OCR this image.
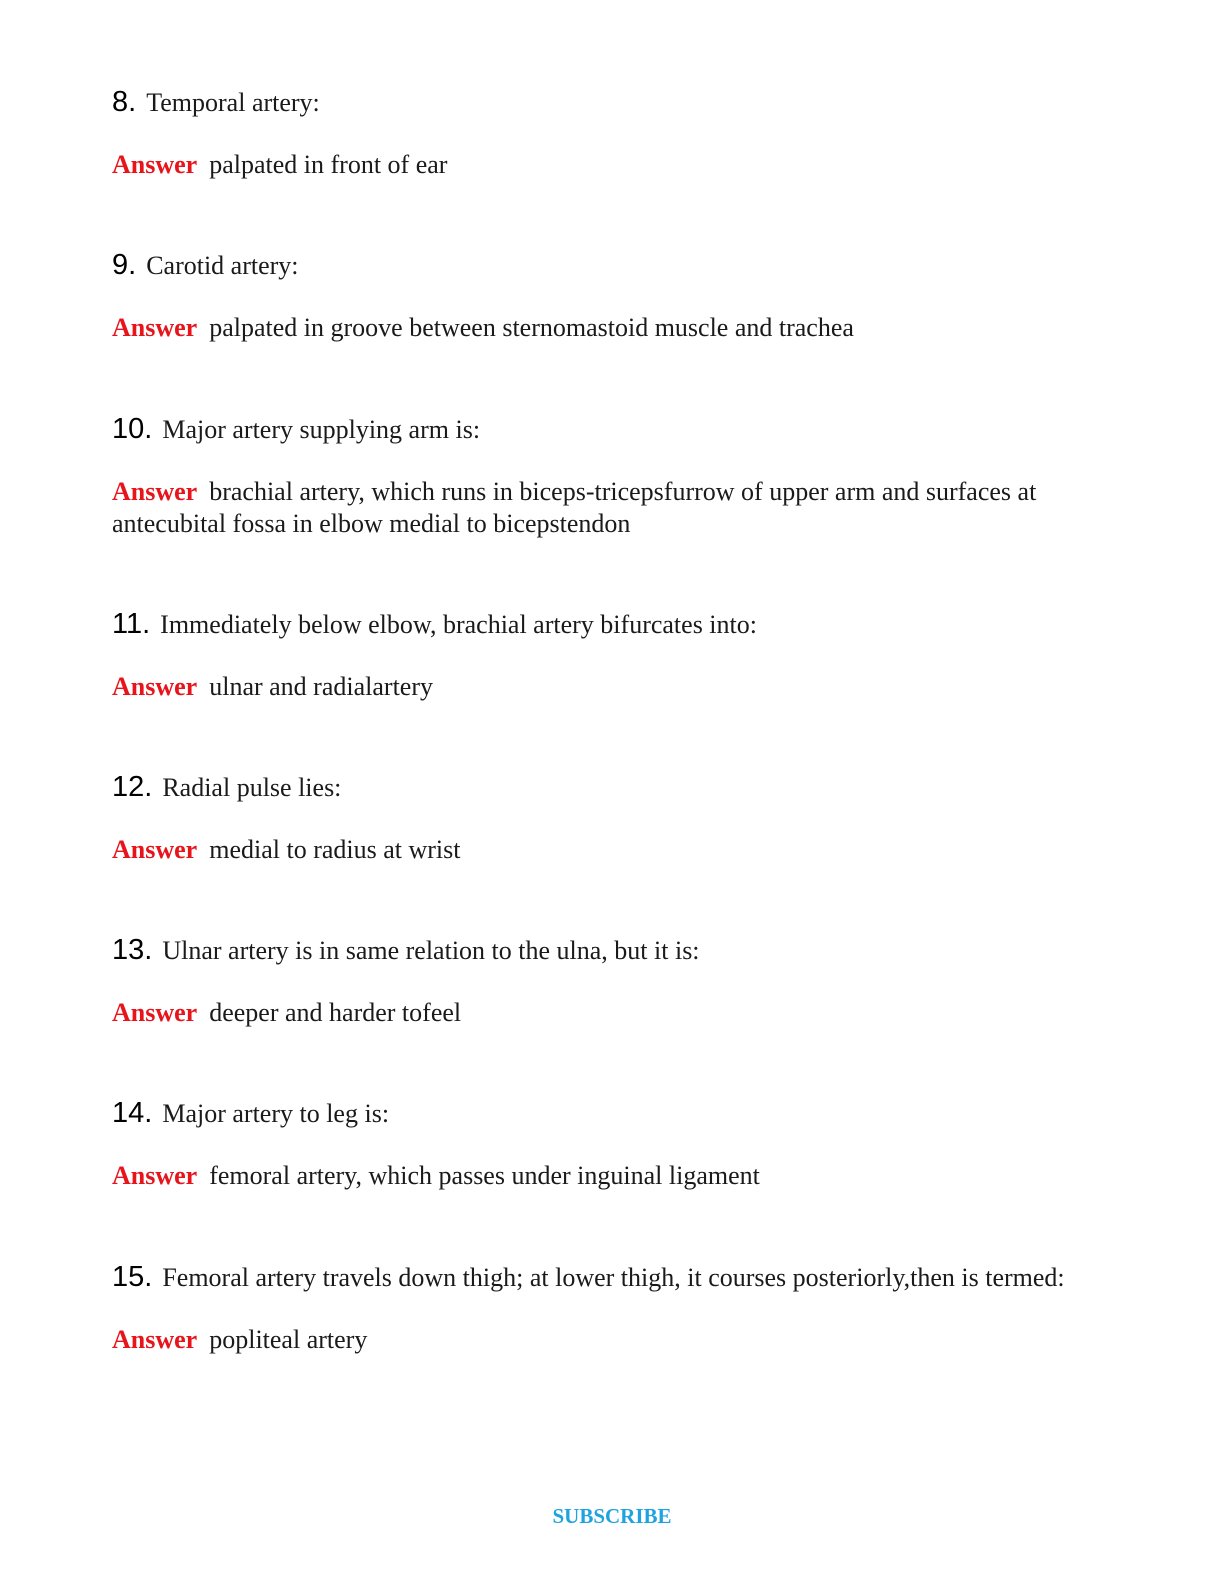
8. Temporal artery:

Answer palpated in front of ear

9. Carotid artery:

Answer palpated in groove between sternomastoid muscle and trachea

10. Major artery supplying arm is:

Answer brachial artery, which runs in biceps-tricepsfurrow of upper arm and surfaces at antecubital fossa in elbow medial to bicepstendon

11. Immediately below elbow, brachial artery bifurcates into:

Answer ulnar and radialartery

12. Radial pulse lies:

Answer medial to radius at wrist

13. Ulnar artery is in same relation to the ulna, but it is:

Answer deeper and harder tofeel

14. Major artery to leg is:

Answer femoral artery, which passes under inguinal ligament

15. Femoral artery travels down thigh; at lower thigh, it courses posteriorly,then is termed:

Answer popliteal artery

SUBSCRIBE
